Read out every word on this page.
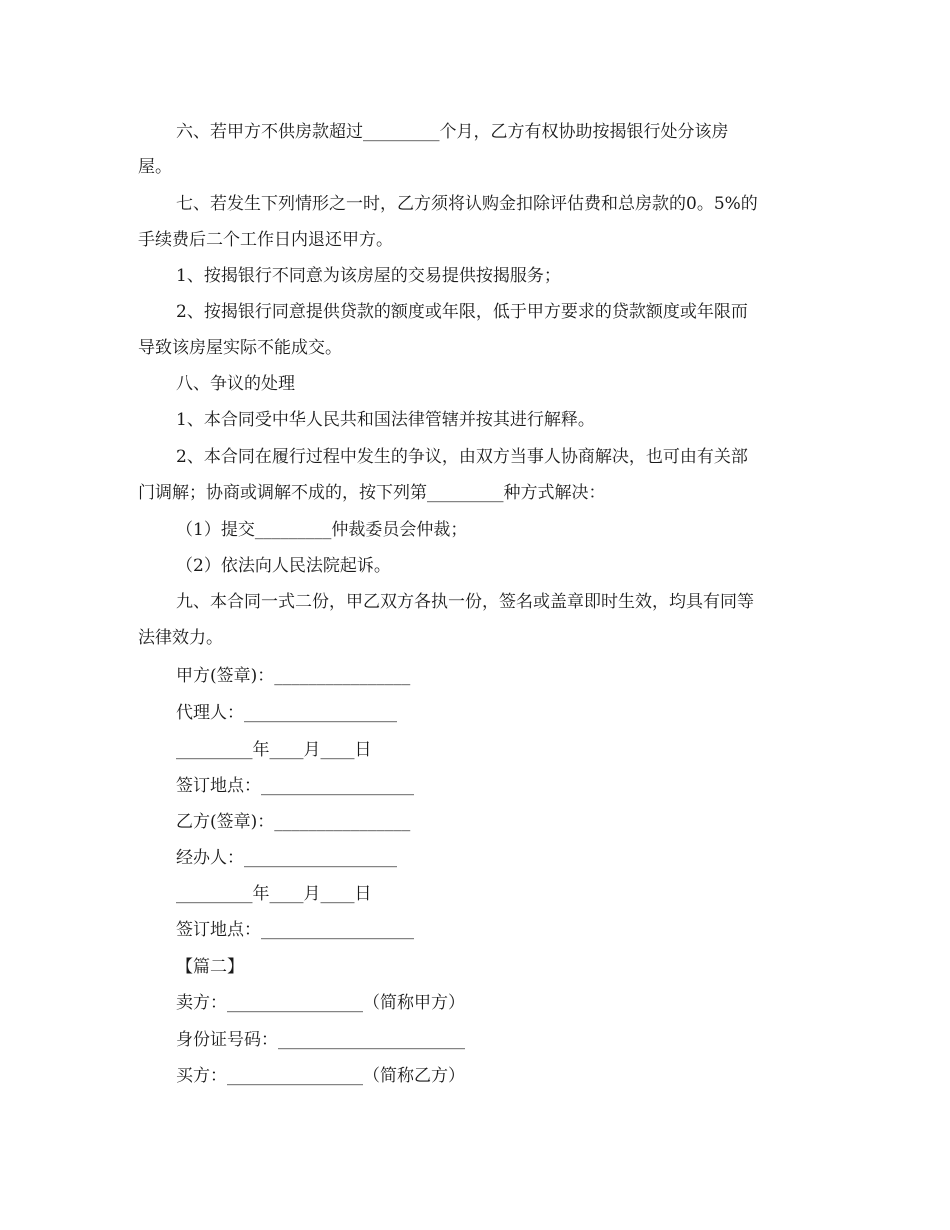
六、若甲方不供房款超过_________个月，乙方有权协助按揭银行处分该房
屋。
七、若发生下列情形之一时，乙方须将认购金扣除评估费和总房款的0。5%的
手续费后二个工作日内退还甲方。
1、按揭银行不同意为该房屋的交易提供按揭服务；
2、按揭银行同意提供贷款的额度或年限，低于甲方要求的贷款额度或年限而
导致该房屋实际不能成交。
八、争议的处理
1、本合同受中华人民共和国法律管辖并按其进行解释。
2、本合同在履行过程中发生的争议，由双方当事人协商解决，也可由有关部
门调解；协商或调解不成的，按下列第_________种方式解决：
（1）提交_________仲裁委员会仲裁；
（2）依法向人民法院起诉。
九、本合同一式二份，甲乙双方各执一份，签名或盖章即时生效，均具有同等
法律效力。
甲方(签章)：________________
代理人：__________________
_________年____月____日
签订地点：__________________
乙方(签章)：________________
经办人：__________________
_________年____月____日
签订地点：__________________
【篇二】
卖方：________________（简称甲方）
身份证号码：______________________
买方：________________（简称乙方）
